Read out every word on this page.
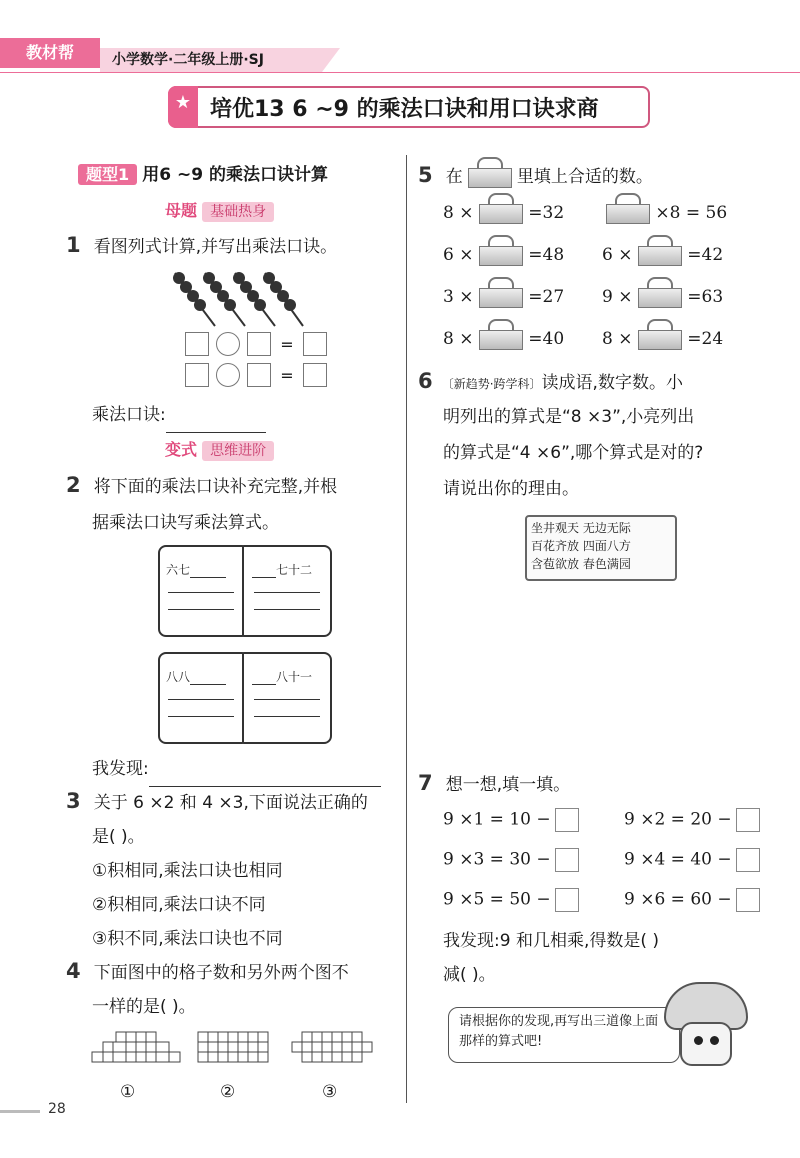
教材帮	小学数学·二年级上册·SJ
★ 培优13 6 ~9 的乘法口诀和用口诀求商
题型1 用6 ~9 的乘法口诀计算
母题 基础热身
1 看图列式计算,并写出乘法口诀。
=
=
乘法口诀:
变式 思维进阶
2 将下面的乘法口诀补充完整,并根
据乘法口诀写乘法算式。
六七	七十二
八八	八十一
我发现:
3 关于 6 ×2 和 4 ×3,下面说法正确的
是( )。
①积相同,乘法口诀也相同
②积相同,乘法口诀不同
③积不同,乘法口诀也不同
4 下面图中的格子数和另外两个图不
一样的是( )。
①	②	③
5 在	里填上合适的数。
8 ×	=32	×8 = 56
6 ×	=48 6 ×	=42
3 ×	=27 9 ×	=63
8 ×	=40 8 ×	=24
6 〔新趋势·跨学科〕读成语,数字数。小
明列出的算式是“8 ×3”,小亮列出
的算式是“4 ×6”,哪个算式是对的?
请说出你的理由。
坐井观天 无边无际
百花齐放 四面八方
含苞欲放 春色满园
7 想一想,填一填。
9 ×1 = 10 −	9 ×2 = 20 −
9 ×3 = 30 −	9 ×4 = 40 −
9 ×5 = 50 −	9 ×6 = 60 −
我发现:9 和几相乘,得数是( )
减( )。
请根据你的发现,再写出三道像上面那样的算式吧!
28
